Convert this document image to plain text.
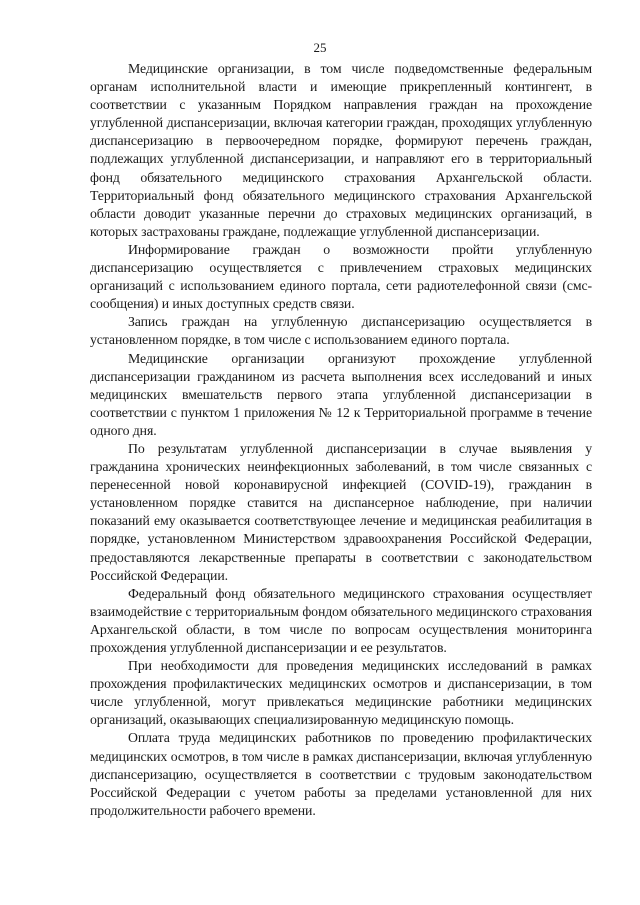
25

Медицинские организации, в том числе подведомственные федеральным органам исполнительной власти и имеющие прикрепленный контингент, в соответствии с указанным Порядком направления граждан на прохождение углубленной диспансеризации, включая категории граждан, проходящих углубленную диспансеризацию в первоочередном порядке, формируют перечень граждан, подлежащих углубленной диспансеризации, и направляют его в территориальный фонд обязательного медицинского страхования Архангельской области. Территориальный фонд обязательного медицинского страхования Архангельской области доводит указанные перечни до страховых медицинских организаций, в которых застрахованы граждане, подлежащие углубленной диспансеризации.

Информирование граждан о возможности пройти углубленную диспансеризацию осуществляется с привлечением страховых медицинских организаций с использованием единого портала, сети радиотелефонной связи (смс-сообщения) и иных доступных средств связи.

Запись граждан на углубленную диспансеризацию осуществляется в установленном порядке, в том числе с использованием единого портала.

Медицинские организации организуют прохождение углубленной диспансеризации гражданином из расчета выполнения всех исследований и иных медицинских вмешательств первого этапа углубленной диспансеризации в соответствии с пунктом 1 приложения № 12 к Территориальной программе в течение одного дня.

По результатам углубленной диспансеризации в случае выявления у гражданина хронических неинфекционных заболеваний, в том числе связанных с перенесенной новой коронавирусной инфекцией (COVID-19), гражданин в установленном порядке ставится на диспансерное наблюдение, при наличии показаний ему оказывается соответствующее лечение и медицинская реабилитация в порядке, установленном Министерством здравоохранения Российской Федерации, предоставляются лекарственные препараты в соответствии с законодательством Российской Федерации.

Федеральный фонд обязательного медицинского страхования осуществляет взаимодействие с территориальным фондом обязательного медицинского страхования Архангельской области, в том числе по вопросам осуществления мониторинга прохождения углубленной диспансеризации и ее результатов.

При необходимости для проведения медицинских исследований в рамках прохождения профилактических медицинских осмотров и диспансеризации, в том числе углубленной, могут привлекаться медицинские работники медицинских организаций, оказывающих специализированную медицинскую помощь.

Оплата труда медицинских работников по проведению профилактических медицинских осмотров, в том числе в рамках диспансеризации, включая углубленную диспансеризацию, осуществляется в соответствии с трудовым законодательством Российской Федерации с учетом работы за пределами установленной для них продолжительности рабочего времени.
